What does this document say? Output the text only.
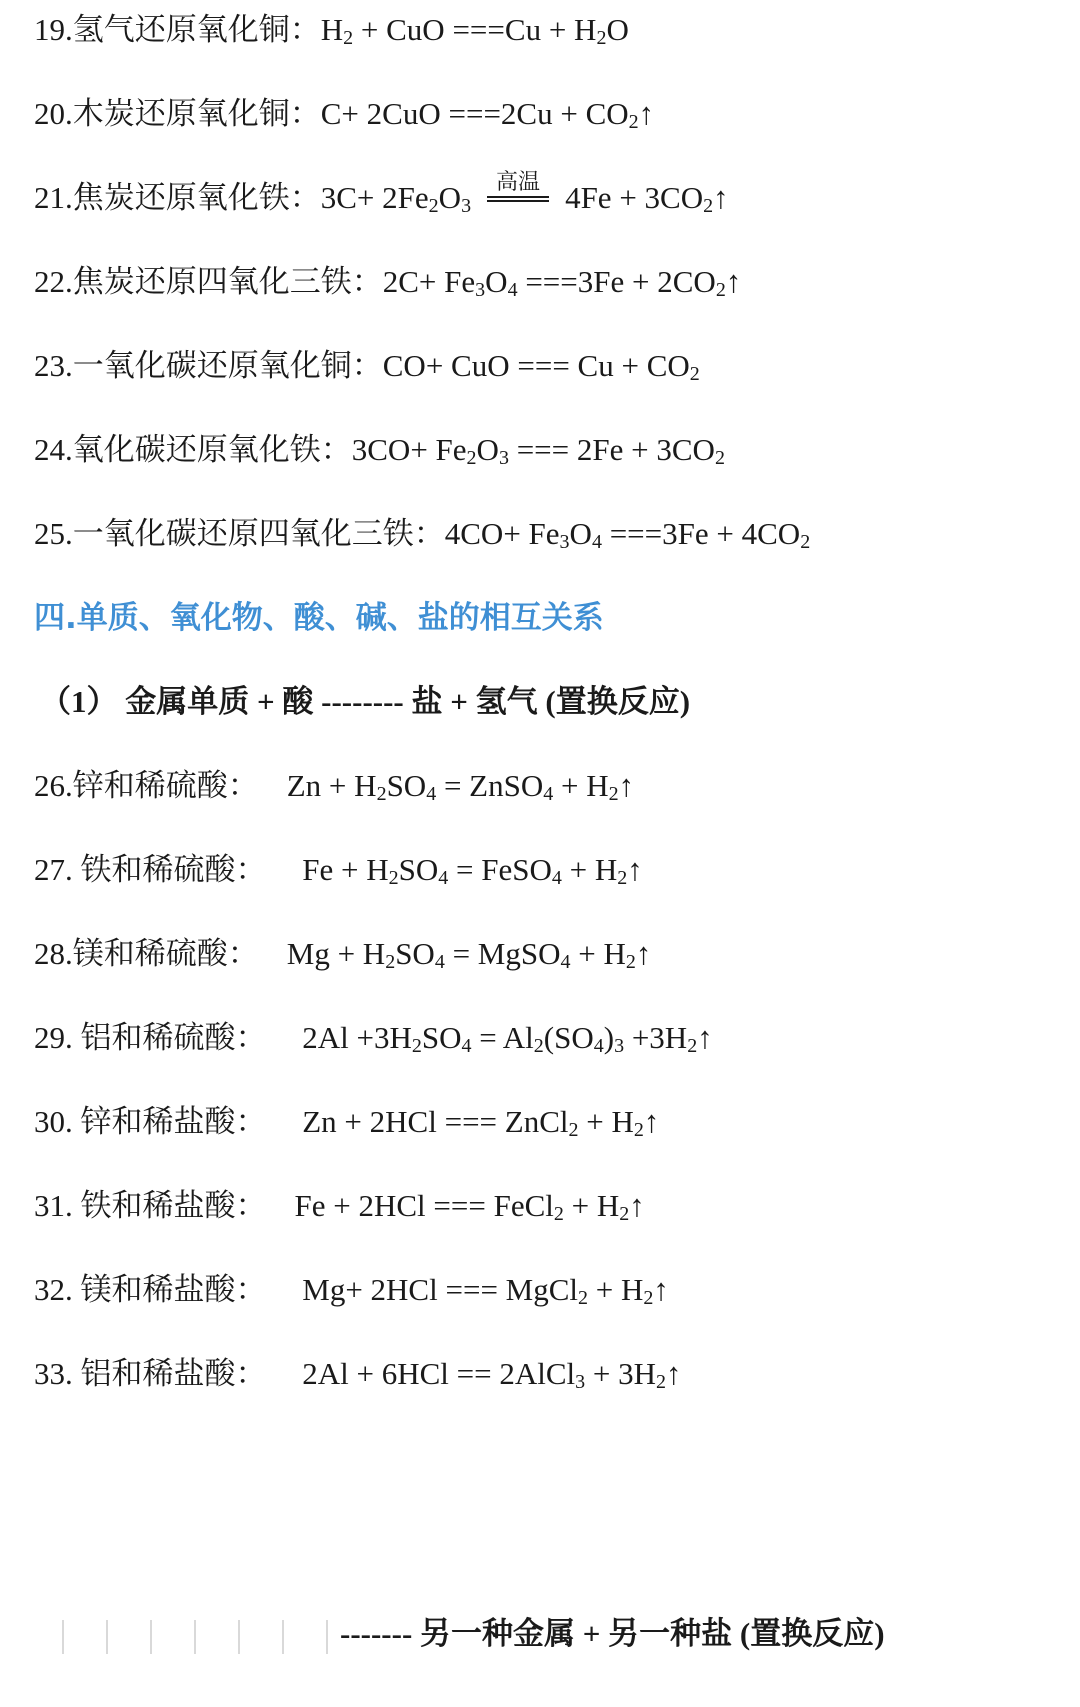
19.氢气还原氧化铜：$H_2$ + CuO $===Cu + H_2O$
20.木炭还原氧化铜：$C+ 2CuO ===2Cu + CO_2↑$
21.焦炭还原氧化铁：$3C+ 2Fe_2O_3$
高温 $4Fe + 3CO_2↑$
22.焦炭还原四氧化三铁：$2C+ Fe_3O_4 ===3Fe$ + $2CO_2↑$
23.一氧化碳还原氧化铜：CO+ CuO === $Cu + CO_2$
24.氧化碳还原氧化铁：$3CO+ Fe_2O_3$ === $2Fe + 3CO_2$
25.一氧化碳还原四氧化三铁：$4CO+ Fe_3O_4 ===3Fe + 4CO_2$
四.单质、氧化物、酸、碱、盐的相互关系
（1） 金属单质 + 酸 -------- 盐 + 氢气 (置换反应)
26.锌和稀硫酸： $Zn + H_2SO_4$ = ZnSO$_4$ + $H_2↑$
27. 铁和稀硫酸： $Fe + H_2SO_4$ = FeSO$_4$ + $H_2↑$
28.镁和稀硫酸： $Mg + H_2SO_4$ = MgSO$_4$ + $H_2↑$
29. 铝和稀硫酸： $2Al +3H_2SO_4 = Al_2(SO_4)_3$ $+3H_2↑$
30. 锌和稀盐酸： Zn + 2HCl === ZnCl$_2$ + $H_2↑$
31. 铁和稀盐酸： Fe + 2HCl === FeCl$_2$ + $H_2↑$
32. 镁和稀盐酸： Mg+ 2HCl === MgCl$_2$ + $H_2↑$
33. 铝和稀盐酸： 2Al + 6HCl == 2AlCl$_3$ + $3H_2↑$
------- 另一种金属 + 另一种盐 (置换反应)
